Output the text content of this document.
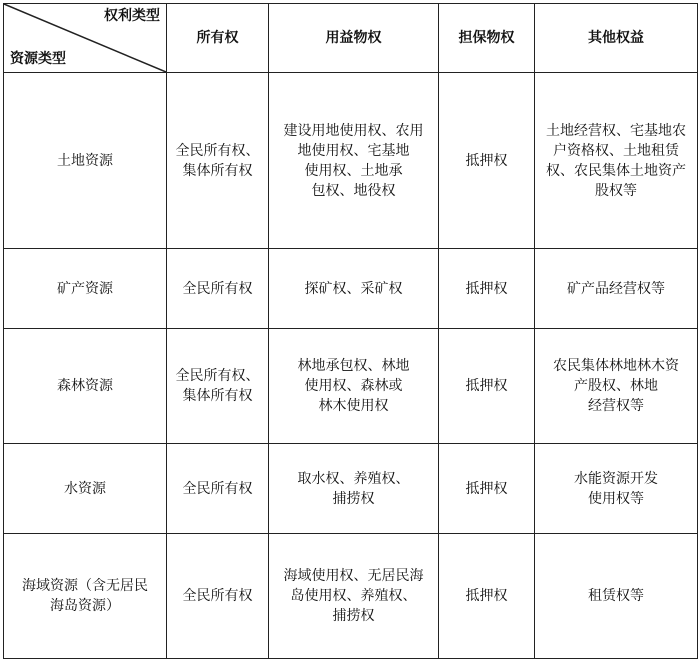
权利类型
资源类型	所有权	用益物权	担保物权	其他权益

土地资源	全民所有权、
集体所有权	建设用地使用权、农用
地使用权、宅基地
使用权、土地承
包权、地役权	抵押权	土地经营权、宅基地农
户资格权、土地租赁
权、农民集体土地资产
股权等

矿产资源	全民所有权	探矿权、采矿权	抵押权	矿产品经营权等

森林资源	全民所有权、
集体所有权	林地承包权、林地
使用权、森林或
林木使用权	抵押权	农民集体林地林木资
产股权、林地
经营权等

水资源	全民所有权	取水权、养殖权、
捕捞权	抵押权	水能资源开发
使用权等

海域资源（含无居民
海岛资源）	全民所有权	海域使用权、无居民海
岛使用权、养殖权、
捕捞权	抵押权	租赁权等
